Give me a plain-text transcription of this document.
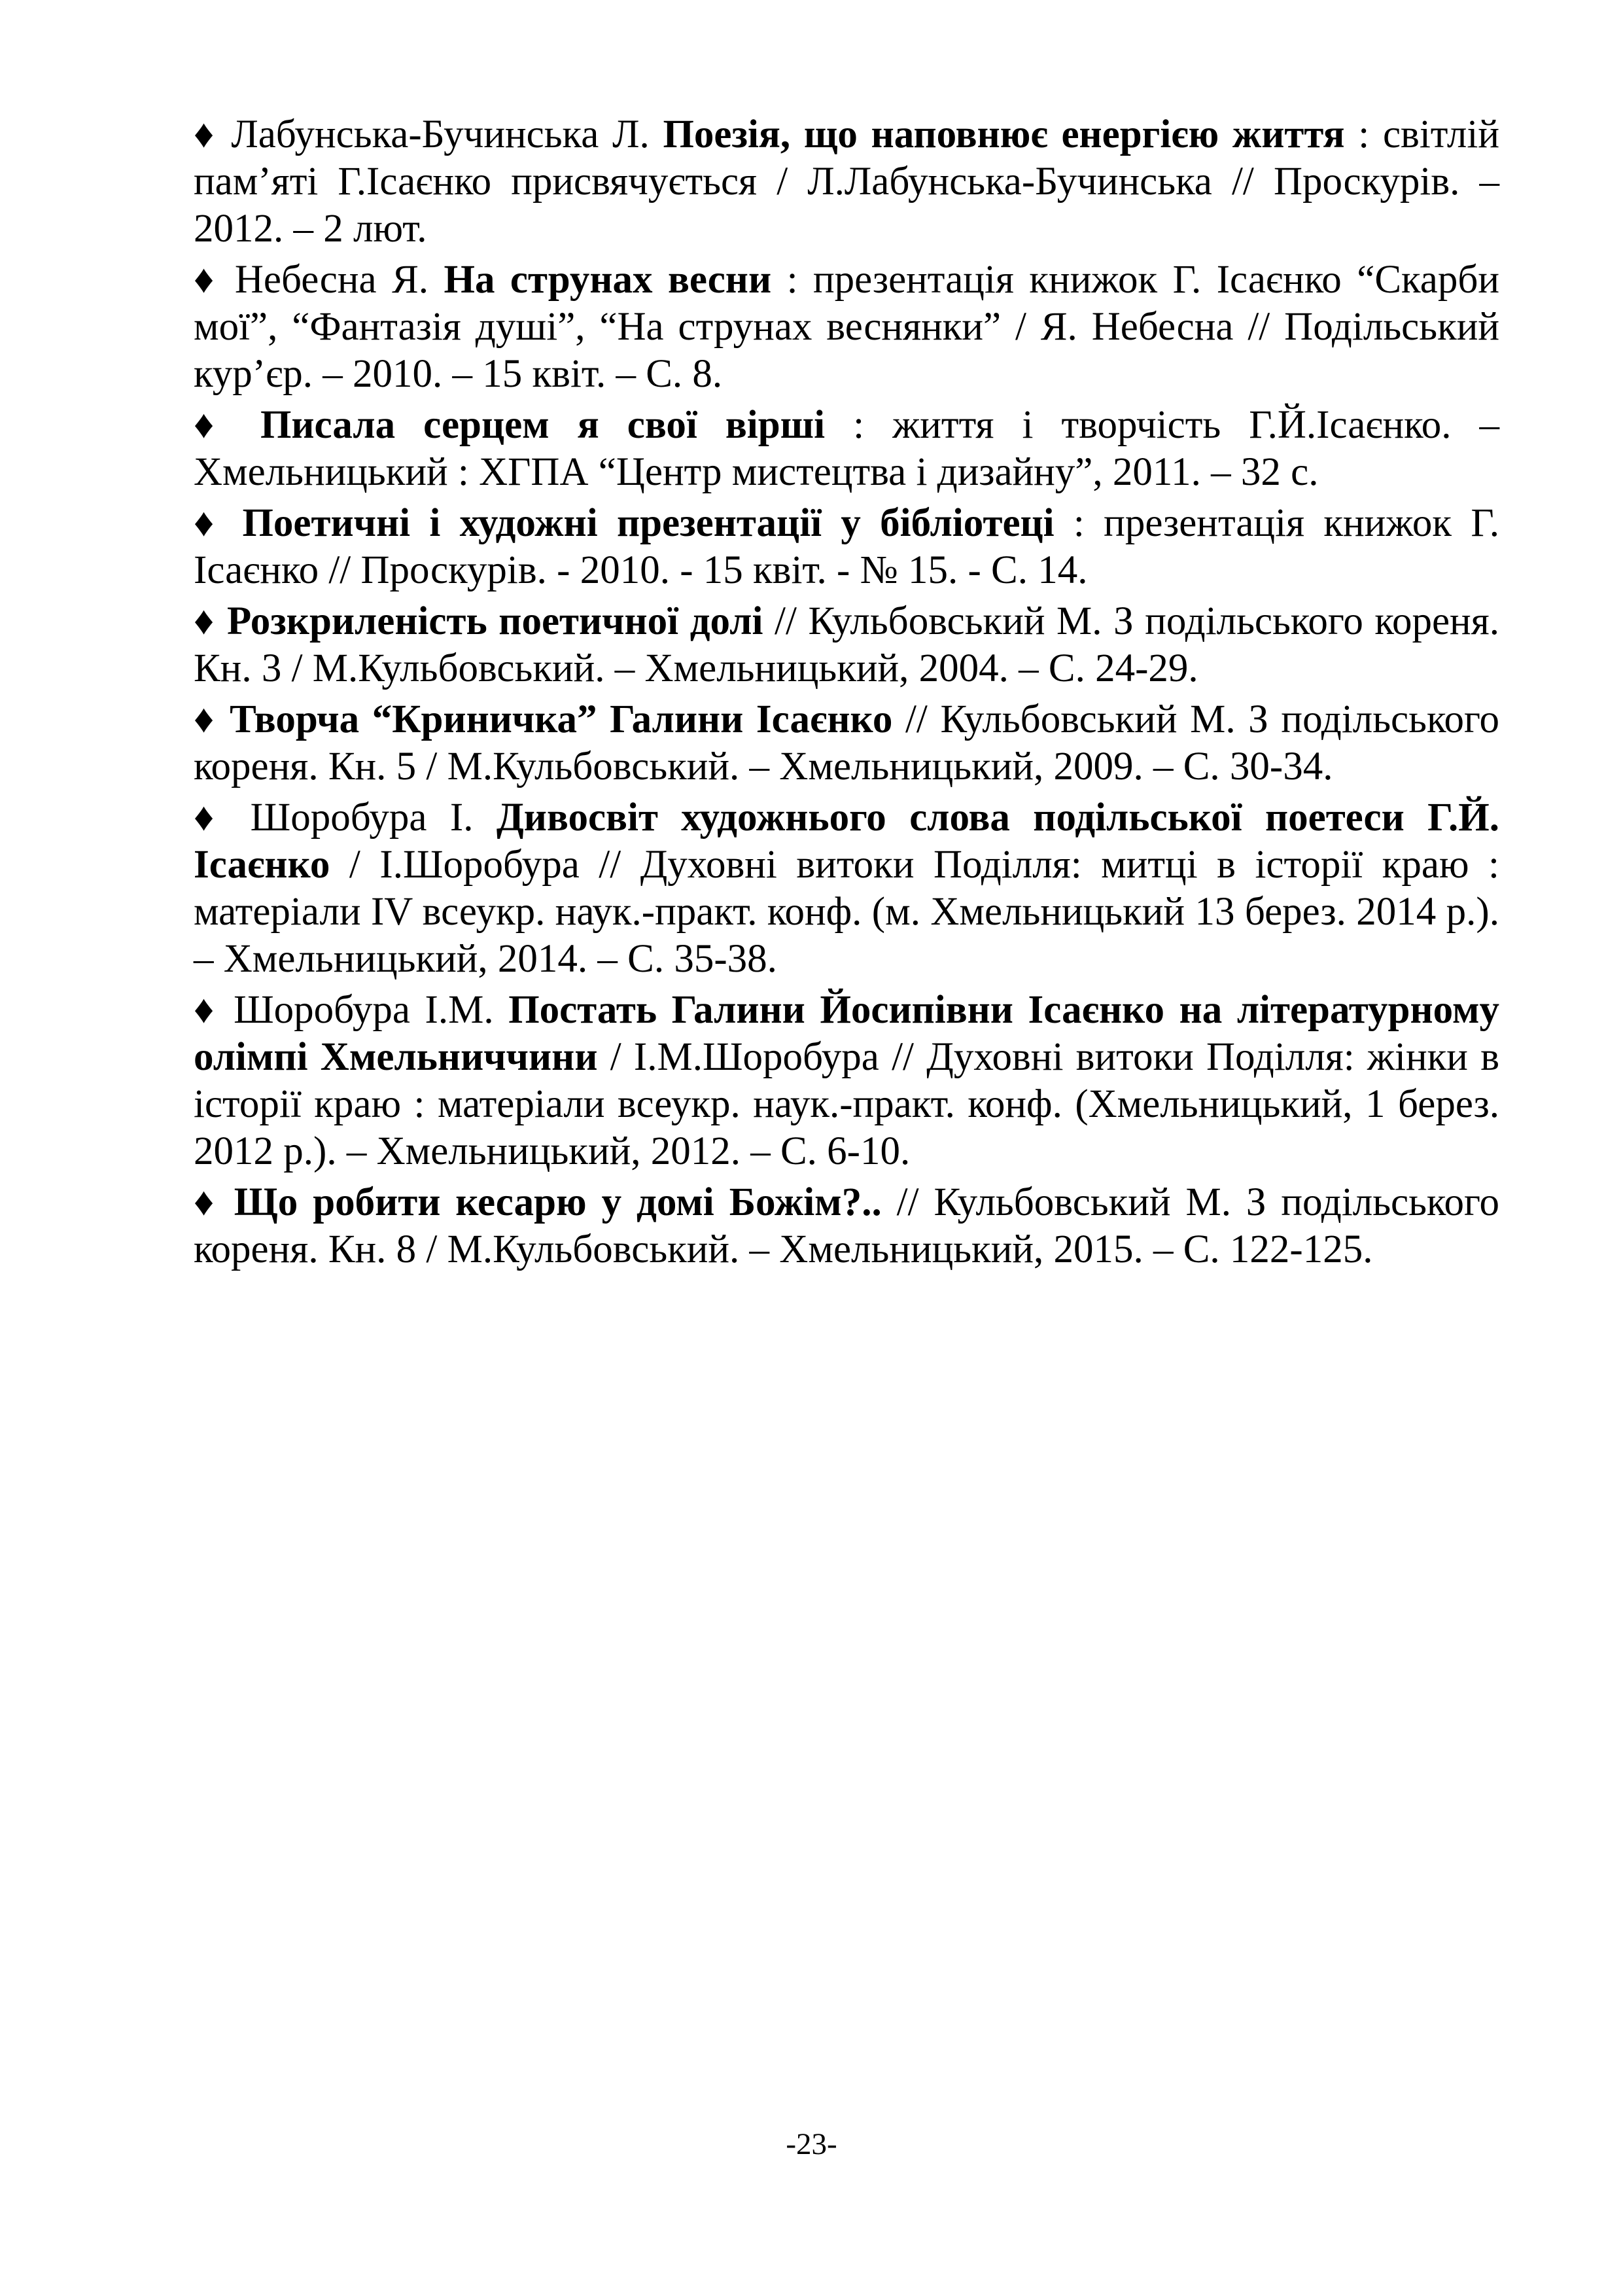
♦ Лабунська-Бучинська Л. Поезія, що наповнює енергією життя : світлій пам’яті Г.Ісаєнко присвячується / Л.Лабунська-Бучинська // Проскурів. – 2012. – 2 лют.

♦ Небесна Я. На струнах весни : презентація книжок Г. Ісаєнко “Скарби мої”, “Фантазія душі”, “На струнах веснянки” / Я. Небесна // Подільський кур’єр. – 2010. – 15 квіт. – С. 8.

♦ Писала серцем я свої вірші : життя і творчість Г.Й.Ісаєнко. – Хмельницький : ХГПА “Центр мистецтва і дизайну”, 2011. – 32 с.

♦ Поетичні і художні презентації у бібліотеці : презентація книжок Г. Ісаєнко // Проскурів. - 2010. - 15 квіт. - № 15. - С. 14.

♦ Розкриленість поетичної долі // Кульбовський М. З подільського кореня. Кн. 3 / М.Кульбовський. – Хмельницький, 2004. – С. 24-29.

♦ Творча “Криничка” Галини Ісаєнко // Кульбовський М. З подільського кореня. Кн. 5 / М.Кульбовський. – Хмельницький, 2009. – С. 30-34.

♦ Шоробура І. Дивосвіт художнього слова подільської поетеси Г.Й. Ісаєнко / І.Шоробура // Духовні витоки Поділля: митці в історії краю : матеріали IV всеукр. наук.-практ. конф. (м. Хмельницький 13 берез. 2014 р.). – Хмельницький, 2014. – С. 35-38.

♦ Шоробура І.М. Постать Галини Йосипівни Ісаєнко на літературному олімпі Хмельниччини / І.М.Шоробура // Духовні витоки Поділля: жінки в історії краю : матеріали всеукр. наук.-практ. конф. (Хмельницький, 1 берез. 2012 р.). – Хмельницький, 2012. – С. 6-10.

♦ Що робити кесарю у домі Божім?.. // Кульбовський М. З подільського кореня. Кн. 8 / М.Кульбовський. – Хмельницький, 2015. – С. 122-125.

-23-
